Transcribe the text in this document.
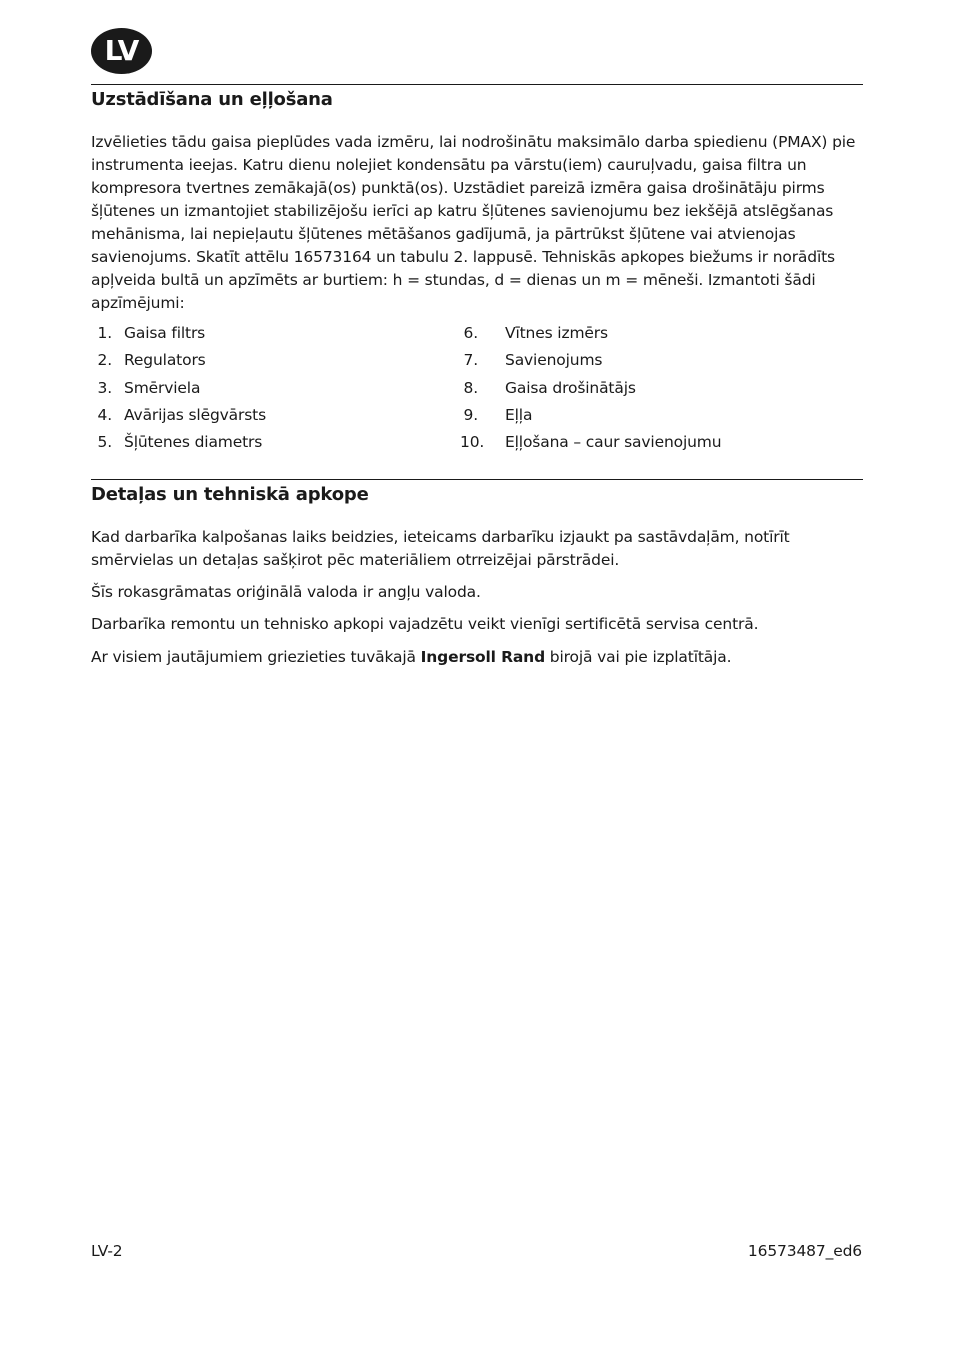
LV
Uzstādīšana un eļļošana

Izvēlieties tādu gaisa pieplūdes vada izmēru, lai nodrošinātu maksimālo darba spiedienu (PMAX) pie instrumenta ieejas. Katru dienu nolejiet kondensātu pa vārstu(iem) cauruļvadu, gaisa filtra un kompresora tvertnes zemākajā(os) punktā(os). Uzstādiet pareizā izmēra gaisa drošinātāju pirms šļūtenes un izmantojiet stabilizējošu ierīci ap katru šļūtenes savienojumu bez iekšējā atslēgšanas mehānisma, lai nepieļautu šļūtenes mētāšanos gadījumā, ja pārtrūkst šļūtene vai atvienojas savienojums. Skatīt attēlu 16573164 un tabulu 2. lappusē. Tehniskās apkopes biežums ir norādīts apļveida bultā un apzīmēts ar burtiem: h = stundas, d = dienas un m = mēneši. Izmantoti šādi apzīmējumi:

1. Gaisa filtrs
2. Regulators
3. Smērviela
4. Avārijas slēgvārsts
5. Šļūtenes diametrs
6. Vītnes izmērs
7. Savienojums
8. Gaisa drošinātājs
9. Eļļa
10. Eļļošana – caur savienojumu
Detaļas un tehniskā apkope

Kad darbarīka kalpošanas laiks beidzies, ieteicams darbarīku izjaukt pa sastāvdaļām, notīrīt smērvielas un detaļas sašķirot pēc materiāliem otrreizējai pārstrādei.

Šīs rokasgrāmatas oriģinālā valoda ir angļu valoda.

Darbarīka remontu un tehnisko apkopi vajadzētu veikt vienīgi sertificētā servisa centrā.

Ar visiem jautājumiem griezieties tuvākajā Ingersoll Rand birojā vai pie izplatītāja.

LV-2	16573487_ed6
